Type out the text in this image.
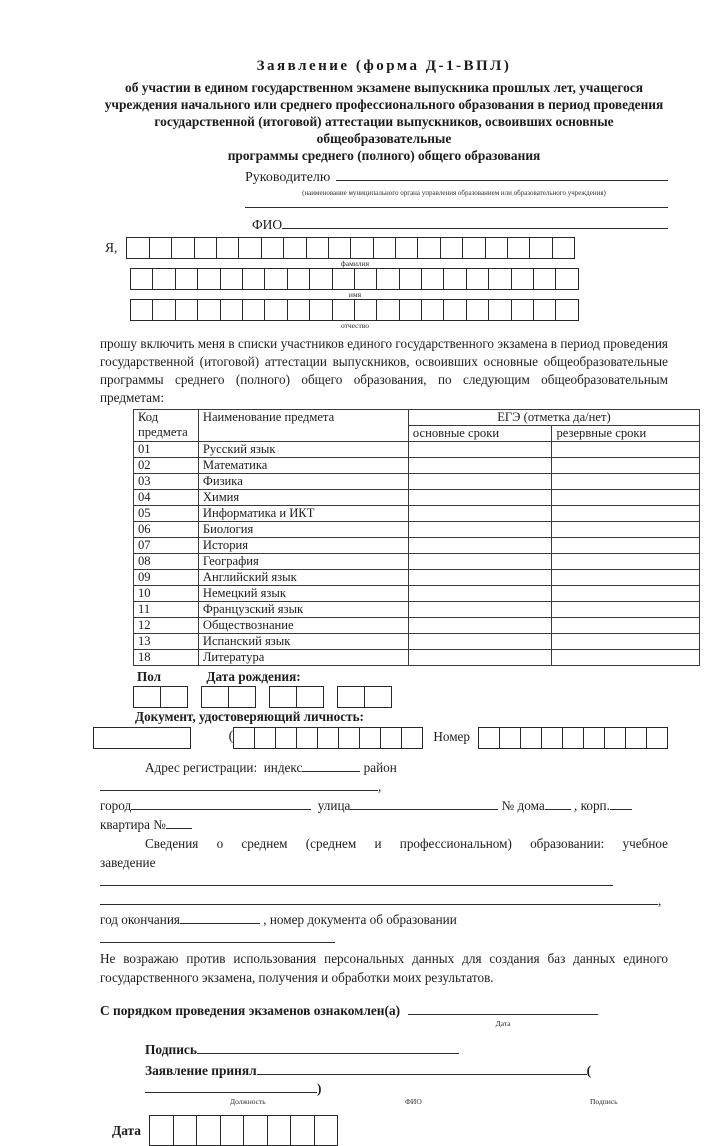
Заявление (форма Д-1-ВПЛ)
об участии в едином государственном экзамене выпускника прошлых лет, учащегося
учреждения начального или среднего профессионального образования в период проведения
государственной (итоговой) аттестации выпускников, освоивших основные общеобразовательные
программы среднего (полного) общего образования
Руководителю
(наименование муниципального органа управления образованием или образовательного учреждения)
ФИО
Я,
фамилия
имя
отчество
прошу включить меня в списки участников единого государственного экзамена в период проведения государственной (итоговой) аттестации выпускников, освоивших основные общеобразовательные программы среднего (полного) общего образования, по следующим общеобразовательным предметам:
Код предмета	Наименование предмета	ЕГЭ (отметка да/нет)	
		основные сроки	резервные сроки
01	Русский язык		
02	Математика		
03	Физика		
04	Химия		
05	Информатика и ИКТ		
06	Биология		
07	История		
08	География		
09	Английский язык		
10	Немецкий язык		
11	Французский язык		
12	Обществознание		
13	Испанский язык		
18	Литература		
Пол	Дата рождения:
Документ, удостоверяющий личность:
(	Номер
Адрес регистрации: индекс	район,
город	улица	№ дома , корп.  квартира №
Сведения о среднем (среднем и профессиональном) образовании: учебное
заведение
,
год окончания	, номер документа об образовании
Не возражаю против использования персональных данных для создания баз данных единого государственного экзамена, получения и обработки моих результатов.
С порядком проведения экзаменов ознакомлен(а)
Дата
Подпись
Заявление принял	()
Должность	ФИО	Подпись
Дата
